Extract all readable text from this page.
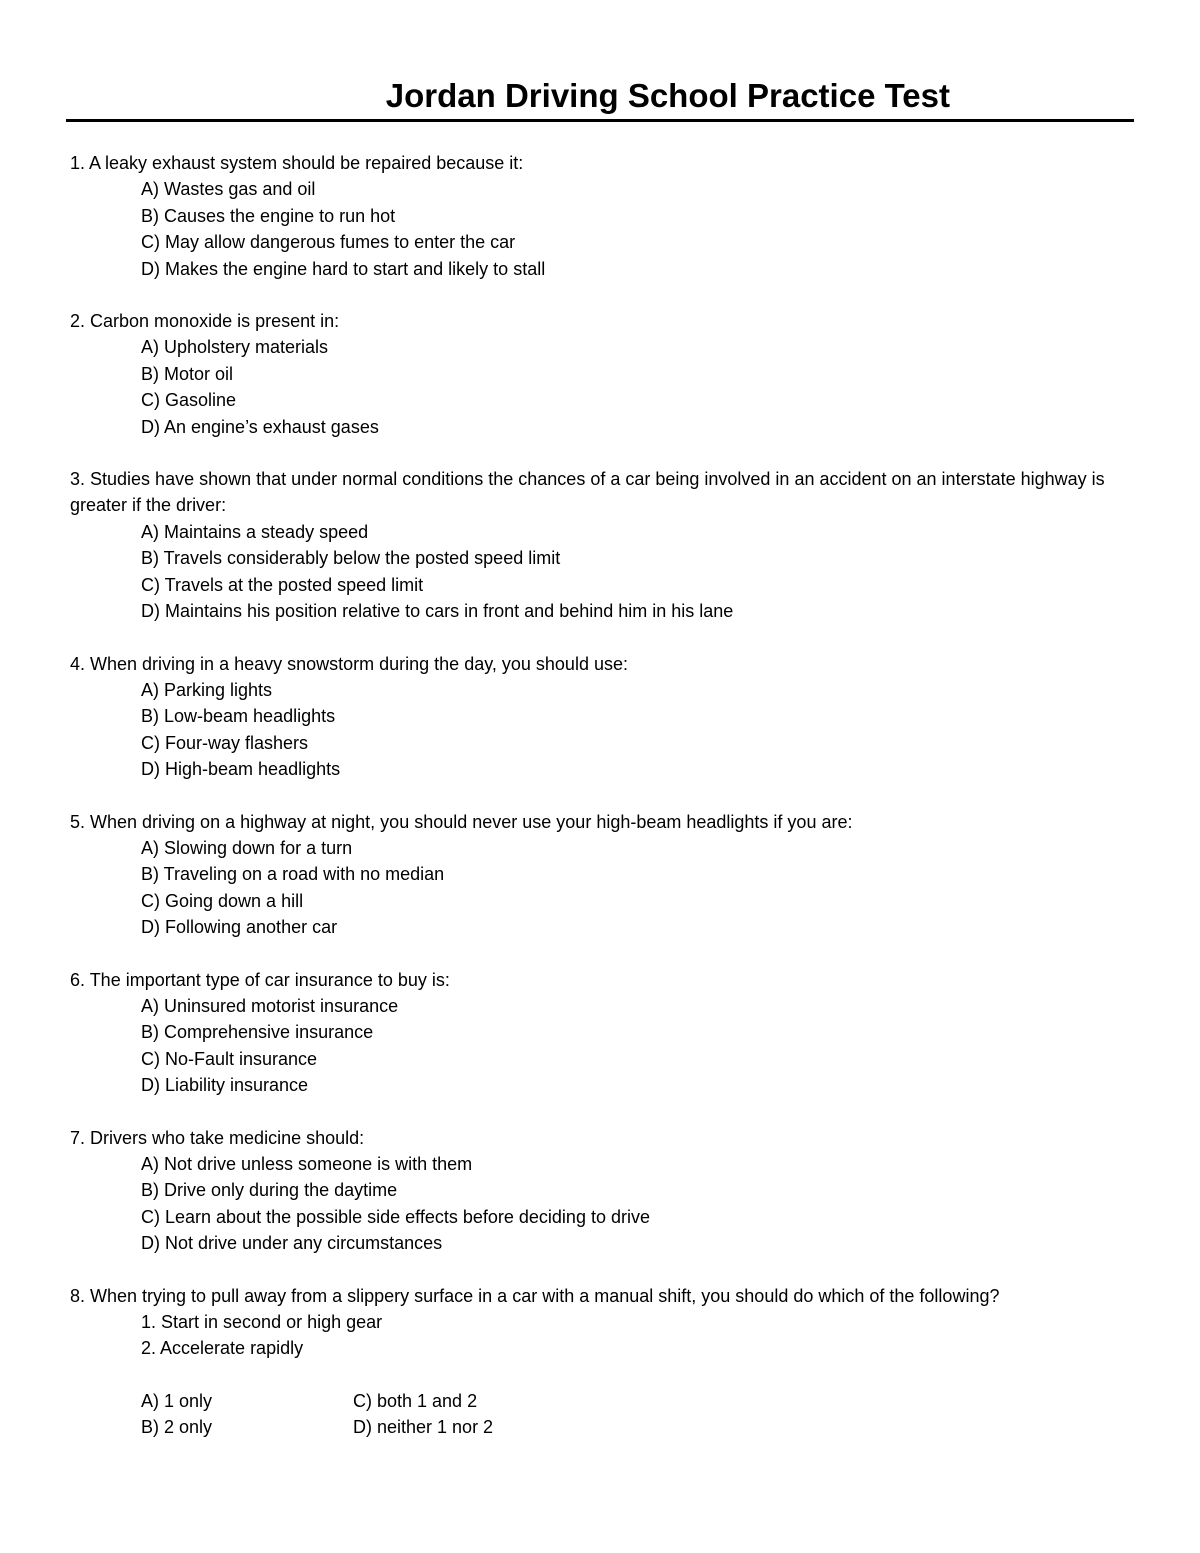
Jordan Driving School Practice Test

1. A leaky exhaust system should be repaired because it:

A) Wastes gas and oil

B) Causes the engine to run hot

C) May allow dangerous fumes to enter the car

D) Makes the engine hard to start and likely to stall

2. Carbon monoxide is present in:

A) Upholstery materials

B) Motor oil

C) Gasoline

D) An engine’s exhaust gases

3. Studies have shown that under normal conditions the chances of a car being involved in an accident on an interstate highway is greater if the driver:

A) Maintains a steady speed

B) Travels considerably below the posted speed limit

C) Travels at the posted speed limit

D) Maintains his position relative to cars in front and behind him in his lane

4. When driving in a heavy snowstorm during the day, you should use:

A) Parking lights

B) Low-beam headlights

C) Four-way flashers

D) High-beam headlights

5. When driving on a highway at night, you should never use your high-beam headlights if you are:

A) Slowing down for a turn

B) Traveling on a road with no median

C) Going down a hill

D) Following another car

6. The important type of car insurance to buy is:

A) Uninsured motorist insurance

B) Comprehensive insurance

C) No-Fault insurance

D) Liability insurance

7. Drivers who take medicine should:

A) Not drive unless someone is with them

B) Drive only during the daytime

C) Learn about the possible side effects before deciding to drive

D) Not drive under any circumstances

8. When trying to pull away from a slippery surface in a car with a manual shift, you should do which of the following?

1. Start in second or high gear

2. Accelerate rapidly

A) 1 only	C) both 1 and 2
B) 2 only	D) neither 1 nor 2
